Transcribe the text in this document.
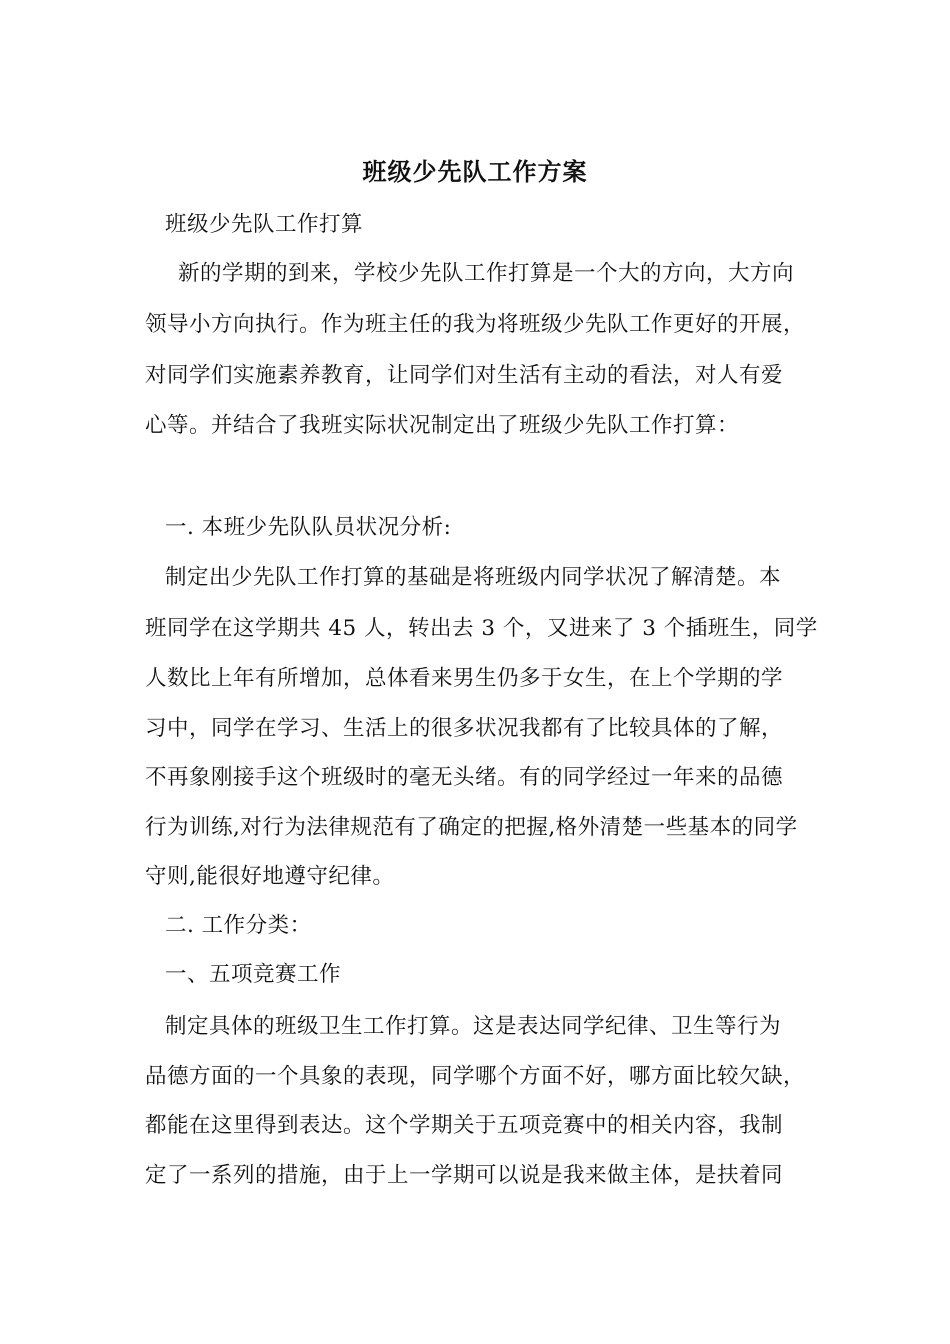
班级少先队工作方案
班级少先队工作打算
新的学期的到来，学校少先队工作打算是一个大的方向，大方向
领导小方向执行。作为班主任的我为将班级少先队工作更好的开展，
对同学们实施素养教育，让同学们对生活有主动的看法，对人有爱
心等。并结合了我班实际状况制定出了班级少先队工作打算：
一. 本班少先队队员状况分析:
制定出少先队工作打算的基础是将班级内同学状况了解清楚。本
班同学在这学期共 45 人，转出去 3 个，又进来了 3 个插班生，同学
人数比上年有所增加，总体看来男生仍多于女生，在上个学期的学
习中，同学在学习、生活上的很多状况我都有了比较具体的了解，
不再象刚接手这个班级时的毫无头绪。有的同学经过一年来的品德
行为训练,对行为法律规范有了确定的把握,格外清楚一些基本的同学
守则,能很好地遵守纪律。
二. 工作分类：
一、五项竞赛工作
制定具体的班级卫生工作打算。这是表达同学纪律、卫生等行为
品德方面的一个具象的表现，同学哪个方面不好，哪方面比较欠缺，
都能在这里得到表达。这个学期关于五项竞赛中的相关内容，我制
定了一系列的措施，由于上一学期可以说是我来做主体，是扶着同
